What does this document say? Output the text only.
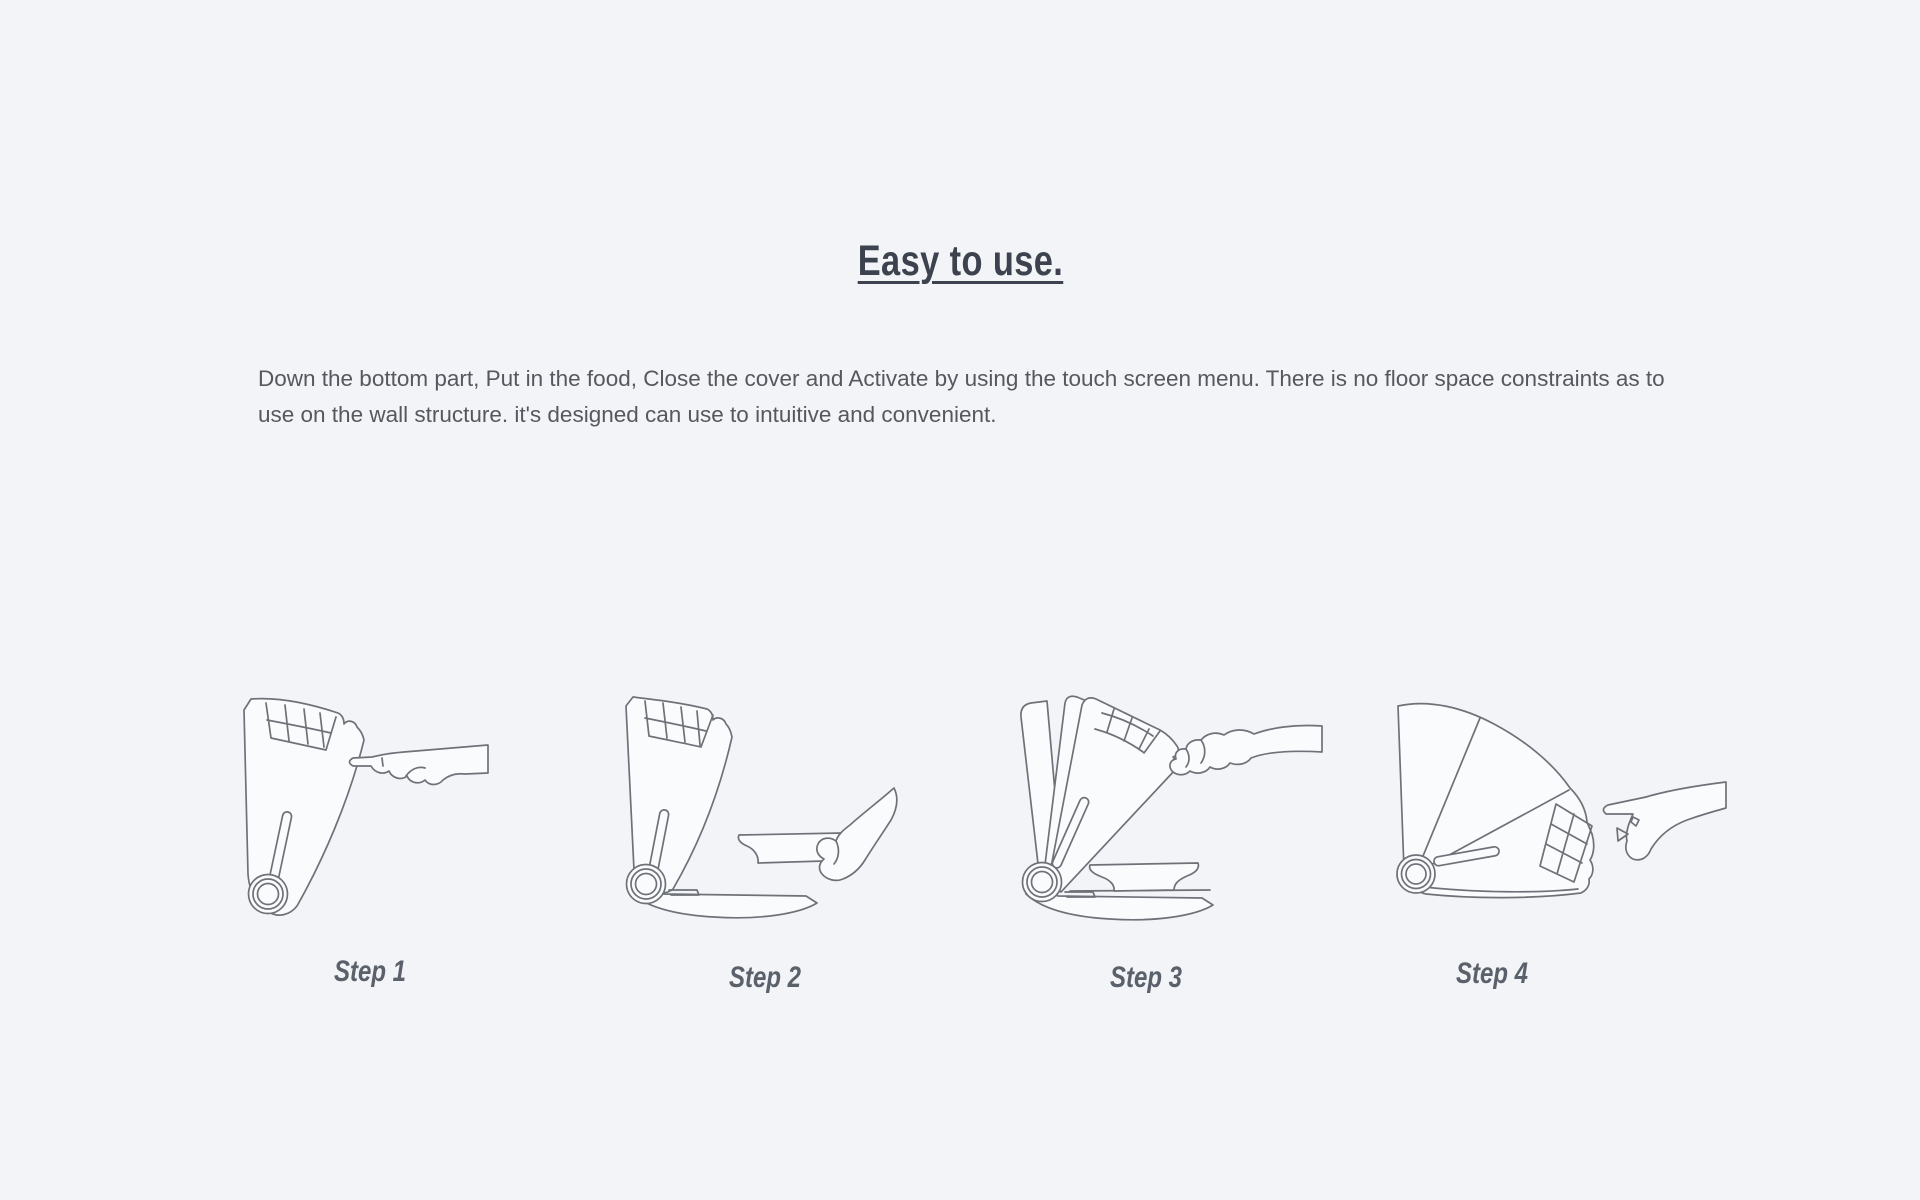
Easy to use.

Down the bottom part, Put in the food, Close the cover and Activate by using the touch screen menu. There is no floor space constraints as to use on the wall structure. it's designed can use to intuitive and convenient.

Step 1	Step 2	Step 3	Step 4
